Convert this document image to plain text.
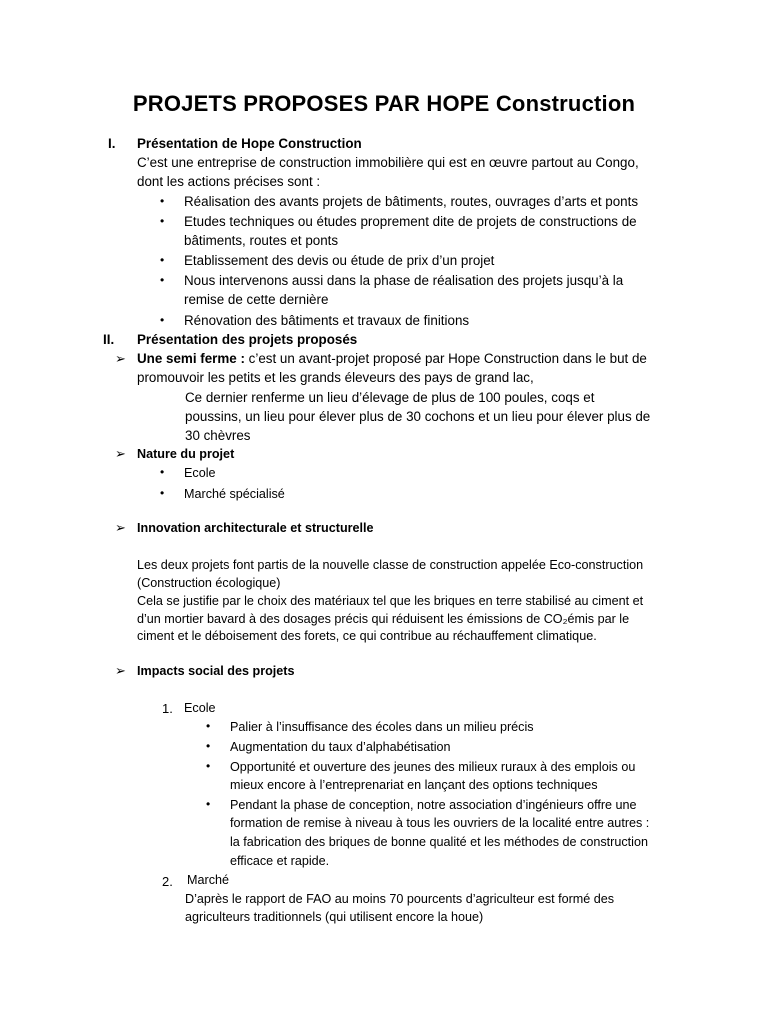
PROJETS PROPOSES PAR HOPE Construction
I. Présentation de Hope Construction
C’est une entreprise de construction immobilière qui est en œuvre partout au Congo,
dont les actions précises sont :
• Réalisation des avants projets de bâtiments, routes, ouvrages d’arts et ponts
• Etudes techniques ou études proprement dite de projets de constructions de
bâtiments, routes et ponts
• Etablissement des devis ou étude de prix d’un projet
• Nous intervenons aussi dans la phase de réalisation des projets jusqu’à la
remise de cette dernière
• Rénovation des bâtiments et travaux de finitions
II. Présentation des projets proposés
➢ Une semi ferme : c’est un avant-projet proposé par Hope Construction dans le but de
promouvoir les petits et les grands éleveurs des pays de grand lac,
Ce dernier renferme un lieu d’élevage de plus de 100 poules, coqs et
poussins, un lieu pour élever plus de 30 cochons et un lieu pour élever plus de
30 chèvres
➢ Nature du projet
• Ecole
• Marché spécialisé
➢ Innovation architecturale et structurelle
Les deux projets font partis de la nouvelle classe de construction appelée Eco-construction
(Construction écologique)
Cela se justifie par le choix des matériaux tel que les briques en terre stabilisé au ciment et
d’un mortier bavard à des dosages précis qui réduisent les émissions de CO₂émis par le
ciment et le déboisement des forets, ce qui contribue au réchauffement climatique.
➢ Impacts social des projets
1. Ecole
• Palier à l’insuffisance des écoles dans un milieu précis
• Augmentation du taux d’alphabétisation
• Opportunité et ouverture des jeunes des milieux ruraux à des emplois ou
mieux encore à l’entreprenariat en lançant des options techniques
• Pendant la phase de conception, notre association d’ingénieurs offre une
formation de remise à niveau à tous les ouvriers de la localité entre autres :
la fabrication des briques de bonne qualité et les méthodes de construction
efficace et rapide.
2. Marché
D’après le rapport de FAO au moins 70 pourcents d’agriculteur est formé des
agriculteurs traditionnels (qui utilisent encore la houe)
